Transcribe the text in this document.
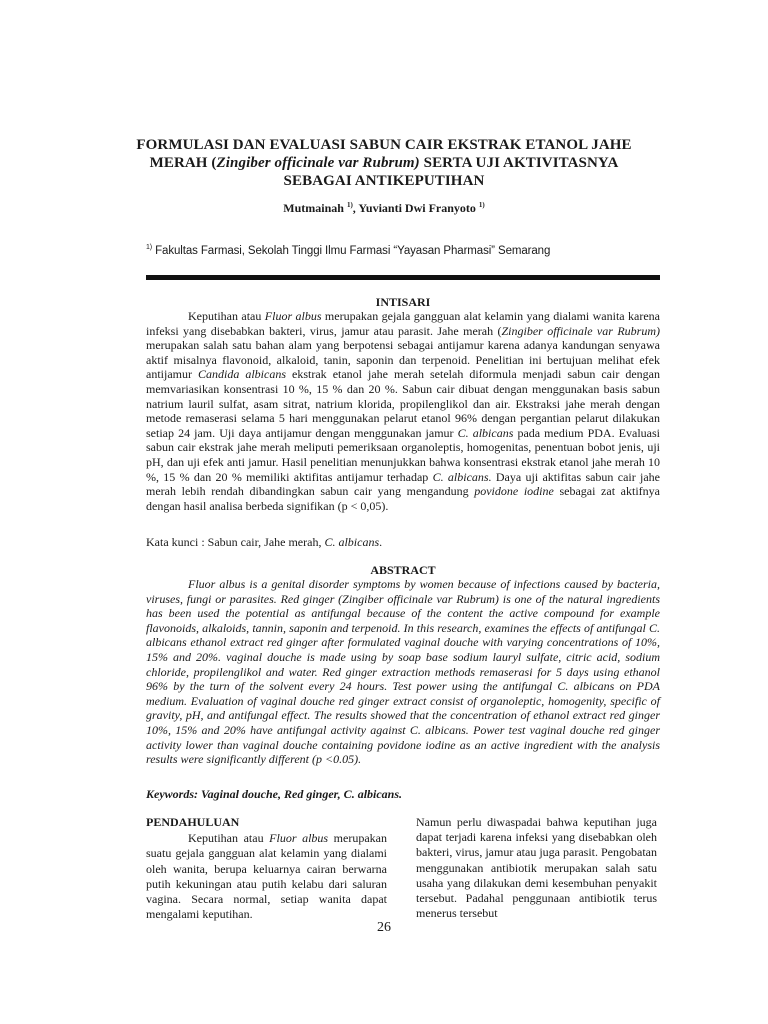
FORMULASI DAN EVALUASI SABUN CAIR EKSTRAK ETANOL JAHE
MERAH (Zingiber officinale var Rubrum) SERTA UJI AKTIVITASNYA
SEBAGAI ANTIKEPUTIHAN
Mutmainah $^{1)}$, Yuvianti Dwi Franyoto $^{1)}$
$^{1)}$ Fakultas Farmasi, Sekolah Tinggi Ilmu Farmasi “Yayasan Pharmasi” Semarang
INTISARI

Keputihan atau Fluor albus merupakan gejala gangguan alat kelamin yang dialami wanita karena infeksi yang disebabkan bakteri, virus, jamur atau parasit. Jahe merah (Zingiber officinale var Rubrum) merupakan salah satu bahan alam yang berpotensi sebagai antijamur karena adanya kandungan senyawa aktif misalnya flavonoid, alkaloid, tanin, saponin dan terpenoid. Penelitian ini bertujuan melihat efek antijamur Candida albicans ekstrak etanol jahe merah setelah diformula menjadi sabun cair dengan memvariasikan konsentrasi 10 %, 15 % dan 20 %. Sabun cair dibuat dengan menggunakan basis sabun natrium lauril sulfat, asam sitrat, natrium klorida, propilenglikol dan air. Ekstraksi jahe merah dengan metode remaserasi selama 5 hari menggunakan pelarut etanol 96% dengan pergantian pelarut dilakukan setiap 24 jam. Uji daya antijamur dengan menggunakan jamur C. albicans pada medium PDA. Evaluasi sabun cair ekstrak jahe merah meliputi pemeriksaan organoleptis, homogenitas, penentuan bobot jenis, uji pH, dan uji efek anti jamur. Hasil penelitian menunjukkan bahwa konsentrasi ekstrak etanol jahe merah 10 %, 15 % dan 20 % memiliki aktifitas antijamur terhadap C. albicans. Daya uji aktifitas sabun cair jahe merah lebih rendah dibandingkan sabun cair yang mengandung povidone iodine sebagai zat aktifnya dengan hasil analisa berbeda signifikan (p < 0,05).

Kata kunci : Sabun cair, Jahe merah, C. albicans.
ABSTRACT

Fluor albus is a genital disorder symptoms by women because of infections caused by bacteria, viruses, fungi or parasites. Red ginger (Zingiber officinale var Rubrum) is one of the natural ingredients has been used the potential as antifungal because of the content the active compound for example flavonoids, alkaloids, tannin, saponin and terpenoid. In this research, examines the effects of antifungal C. albicans ethanol extract red ginger after formulated vaginal douche with varying concentrations of 10%, 15% and 20%. vaginal douche is made using by soap base sodium lauryl sulfate, citric acid, sodium chloride, propilenglikol and water. Red ginger extraction methods remaserasi for 5 days using ethanol 96% by the turn of the solvent every 24 hours. Test power using the antifungal C. albicans on PDA medium. Evaluation of vaginal douche red ginger extract consist of organoleptic, homogenity, specific of gravity, pH, and antifungal effect. The results showed that the concentration of ethanol extract red ginger 10%, 15% and 20% have antifungal activity against C. albicans. Power test vaginal douche red ginger activity lower than vaginal douche containing povidone iodine as an active ingredient with the analysis results were significantly different (p <0.05).

Keywords: Vaginal douche, Red ginger, C. albicans.
PENDAHULUAN

Keputihan atau Fluor albus merupakan suatu gejala gangguan alat kelamin yang dialami oleh wanita, berupa keluarnya cairan berwarna putih kekuningan atau putih kelabu dari saluran vagina. Secara normal, setiap wanita dapat mengalami keputihan.

Namun perlu diwaspadai bahwa keputihan juga dapat terjadi karena infeksi yang disebabkan oleh bakteri, virus, jamur atau juga parasit. Pengobatan menggunakan antibiotik merupakan salah satu usaha yang dilakukan demi kesembuhan penyakit tersebut. Padahal penggunaan antibiotik terus menerus tersebut

26
